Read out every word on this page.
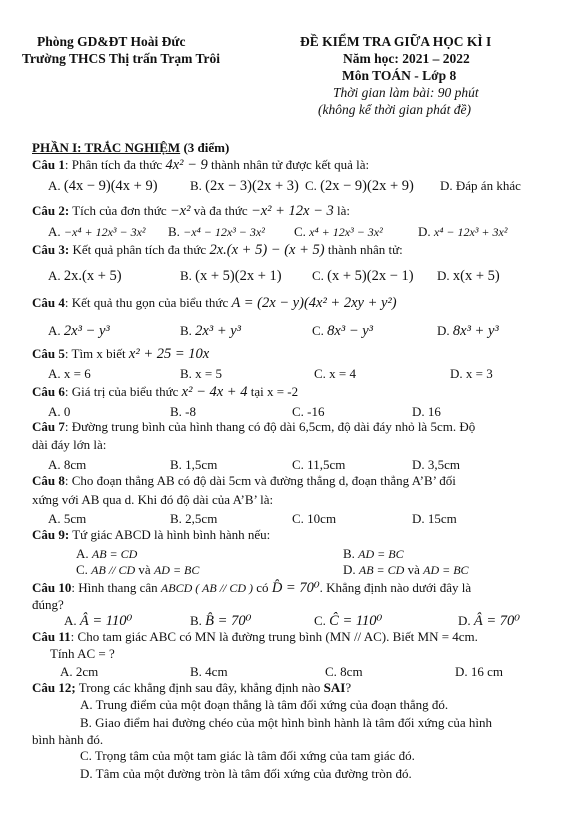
Phòng GD&ĐT Hoài Đức
Trường THCS Thị trấn Trạm Trôi
ĐỀ KIỂM TRA GIỮA HỌC KÌ I
Năm học: 2021 – 2022
Môn TOÁN - Lớp 8
Thời gian làm bài: 90 phút
(không kể thời gian phát đề)
PHẦN I: TRẮC NGHIỆM (3 điểm)
Câu 1: Phân tích đa thức 4x² − 9 thành nhân tử được kết quả là:
A. (4x − 9)(4x + 9) B. (2x − 3)(2x + 3) C. (2x − 9)(2x + 9) D. Đáp án khác
Câu 2: Tích của đơn thức −x² và đa thức −x² + 12x − 3 là:
A. −x⁴ + 12x³ − 3x² B. −x⁴ − 12x³ − 3x² C. x⁴ + 12x³ − 3x²	D. x⁴ − 12x³ + 3x²
Câu 3: Kết quả phân tích đa thức 2x.(x + 5) − (x + 5) thành nhân tử:
A. 2x.(x + 5)	B. (x + 5)(2x + 1) C. (x + 5)(2x − 1) D. x(x + 5)
Câu 4: Kết quả thu gọn của biểu thức A = (2x − y)(4x² + 2xy + y²)
A. 2x³ − y³	B. 2x³ + y³	C. 8x³ − y³	D. 8x³ + y³
Câu 5: Tìm x biết x² + 25 = 10x
A. x = 6	B. x = 5	C. x = 4	D. x = 3
Câu 6: Giá trị của biểu thức x² − 4x + 4 tại x = -2
A. 0	B. -8	C. -16	D. 16
Câu 7: Đường trung bình của hình thang có độ dài 6,5cm, độ dài đáy nhỏ là 5cm. Độ
dài đáy lớn là:
A. 8cm	B. 1,5cm	C. 11,5cm	D. 3,5cm
Câu 8: Cho đoạn thẳng AB có độ dài 5cm và đường thẳng d, đoạn thẳng A’B’ đối
xứng với AB qua d. Khi đó độ dài của A’B’ là:
A. 5cm	B. 2,5cm	C. 10cm	D. 15cm
Câu 9: Tứ giác ABCD là hình bình hành nếu:
A. AB = CD	B. AD = BC
C. AB // CD và AD = BC	D. AB = CD và AD = BC
Câu 10: Hình thang cân ABCD ( AB // CD ) có D̂ = 70⁰. Khẳng định nào dưới đây là
đúng?
A. Â = 110⁰	B. B̂ = 70⁰	C. Ĉ = 110⁰	D. Â = 70⁰
Câu 11: Cho tam giác ABC có MN là đường trung bình (MN // AC). Biết MN = 4cm.
Tính AC = ?
A. 2cm	B. 4cm	C. 8cm	D. 16 cm
Câu 12; Trong các khẳng định sau đây, khẳng định nào SAI?
A. Trung điểm của một đoạn thẳng là tâm đối xứng của đoạn thẳng đó.
B. Giao điểm hai đường chéo của một hình bình hành là tâm đối xứng của hình
bình hành đó.
C. Trọng tâm của một tam giác là tâm đối xứng của tam giác đó.
D. Tâm của một đường tròn là tâm đối xứng của đường tròn đó.
